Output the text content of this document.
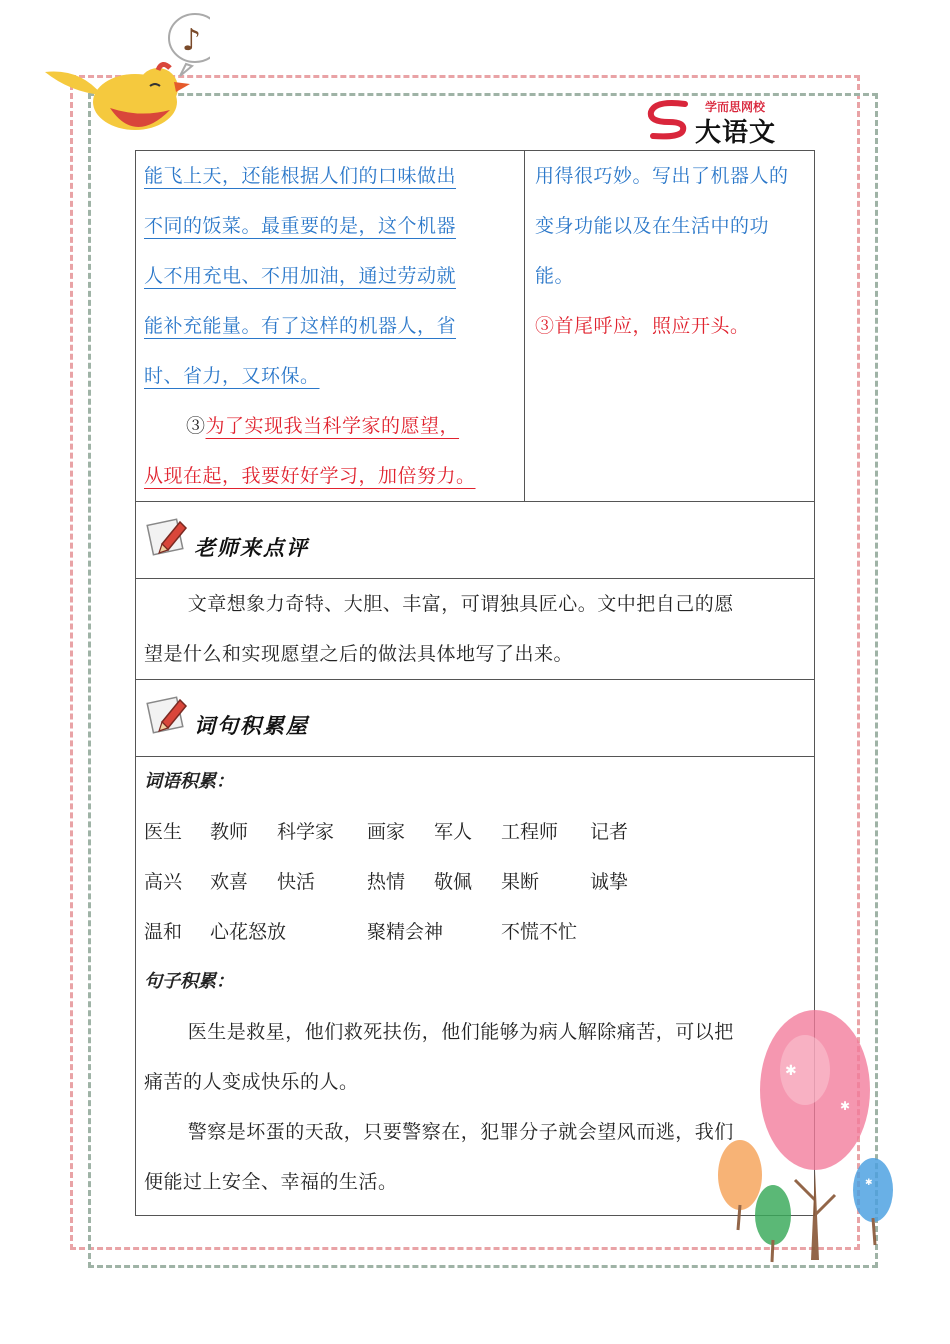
♪
学而思网校
大语文
能飞上天，还能根据人们的口味做出
不同的饭菜。最重要的是，这个机器
人不用充电、不用加油，通过劳动就
能补充能量。有了这样的机器人，省
时、省力，又环保。
③为了实现我当科学家的愿望，
从现在起，我要好好学习，加倍努力。

用得很巧妙。写出了机器人的
变身功能以及在生活中的功
能。
③首尾呼应，照应开头。

老师来点评

文章想象力奇特、大胆、丰富，可谓独具匠心。文中把自己的愿
望是什么和实现愿望之后的做法具体地写了出来。

词句积累屋

词语积累：
医生 教师 科学家 画家 军人 工程师 记者
高兴 欢喜 快活	热情 敬佩 果断	诚挚
温和 心花怒放	聚精会神	不慌不忙
句子积累：
医生是救星，他们救死扶伤，他们能够为病人解除痛苦，可以把
痛苦的人变成快乐的人。
警察是坏蛋的天敌，只要警察在，犯罪分子就会望风而逃，我们
便能过上安全、幸福的生活。
✱
✱
✱
